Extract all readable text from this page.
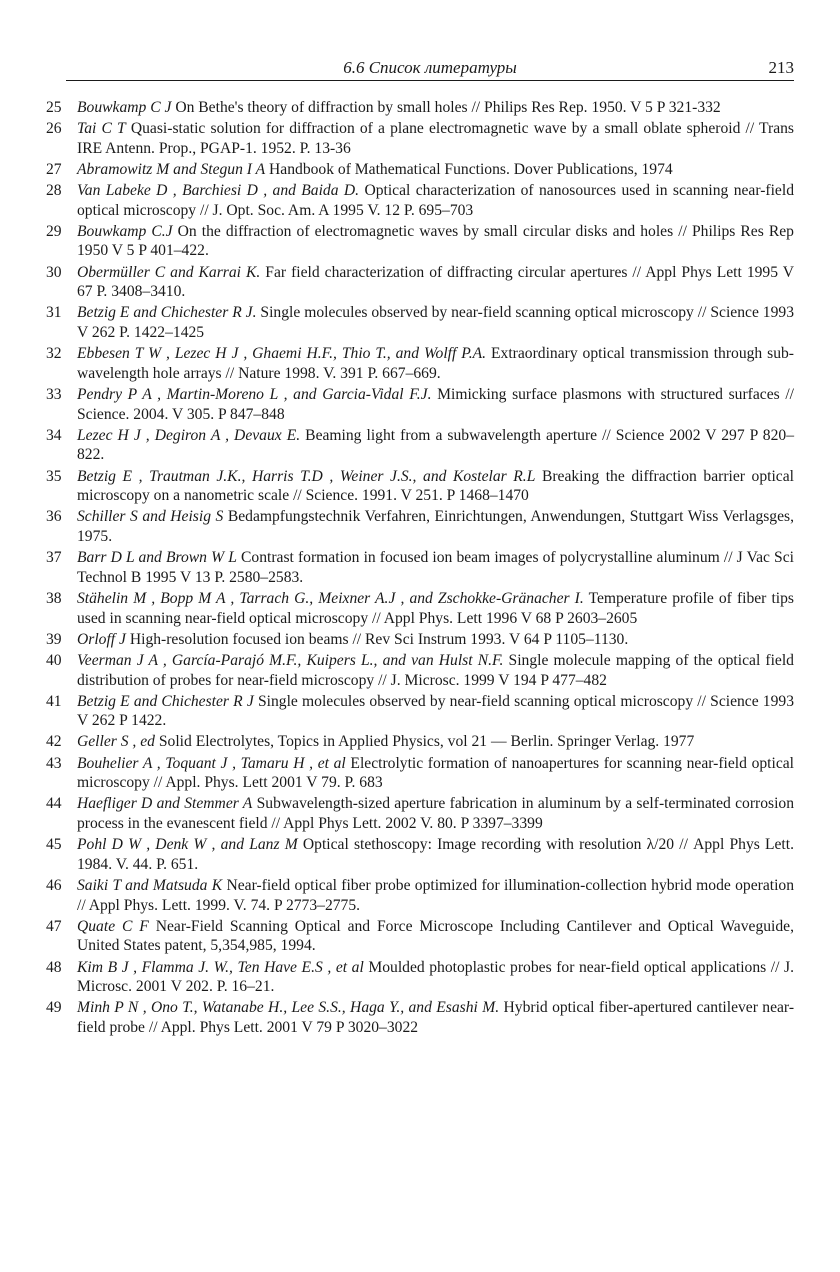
6.6 Список литературы	213
25 Bouwkamp C J On Bethe's theory of diffraction by small holes // Philips Res Rep. 1950. V 5 P 321-332
26 Tai C T Quasi-static solution for diffraction of a plane electromagnetic wave by a small oblate spheroid // Trans IRE Antenn. Prop., PGAP-1. 1952. P. 13-36
27 Abramowitz M and Stegun I A Handbook of Mathematical Functions. Dover Publications, 1974
28 Van Labeke D , Barchiesi D , and Baida D. Optical characterization of nanosources used in scanning near-field optical microscopy // J. Opt. Soc. Am. A 1995 V. 12 P. 695–703
29 Bouwkamp C.J On the diffraction of electromagnetic waves by small circular disks and holes // Philips Res Rep 1950 V 5 P 401–422.
30 Obermüller C and Karrai K. Far field characterization of diffracting circular apertures // Appl Phys Lett 1995 V 67 P. 3408–3410.
31 Betzig E and Chichester R J. Single molecules observed by near-field scanning optical microscopy // Science 1993 V 262 P. 1422–1425
32 Ebbesen T W , Lezec H J , Ghaemi H.F., Thio T., and Wolff P.A. Extraordinary optical transmission through sub-wavelength hole arrays // Nature 1998. V. 391 P. 667–669.
33 Pendry P A , Martin-Moreno L , and Garcia-Vidal F.J. Mimicking surface plasmons with structured surfaces // Science. 2004. V 305. P 847–848
34 Lezec H J , Degiron A , Devaux E. Beaming light from a subwavelength aperture // Science 2002 V 297 P 820–822.
35 Betzig E , Trautman J.K., Harris T.D , Weiner J.S., and Kostelar R.L Breaking the diffraction barrier optical microscopy on a nanometric scale // Science. 1991. V 251. P 1468–1470
36 Schiller S and Heisig S Bedampfungstechnik Verfahren, Einrichtungen, Anwendungen, Stuttgart Wiss Verlagsges, 1975.
37 Barr D L and Brown W L Contrast formation in focused ion beam images of polycrystalline aluminum // J Vac Sci Technol B 1995 V 13 P. 2580–2583.
38 Stähelin M , Bopp M A , Tarrach G., Meixner A.J , and Zschokke-Gränacher I. Temperature profile of fiber tips used in scanning near-field optical microscopy // Appl Phys. Lett 1996 V 68 P 2603–2605
39 Orloff J High-resolution focused ion beams // Rev Sci Instrum 1993. V 64 P 1105–1130.
40 Veerman J A , García-Parajó M.F., Kuipers L., and van Hulst N.F. Single molecule mapping of the optical field distribution of probes for near-field microscopy // J. Microsc. 1999 V 194 P 477–482
41 Betzig E and Chichester R J Single molecules observed by near-field scanning optical microscopy // Science 1993 V 262 P 1422.
42 Geller S , ed Solid Electrolytes, Topics in Applied Physics, vol 21 — Berlin. Springer Verlag. 1977
43 Bouhelier A , Toquant J , Tamaru H , et al Electrolytic formation of nanoapertures for scanning near-field optical microscopy // Appl. Phys. Lett 2001 V 79. P. 683
44 Haefliger D and Stemmer A Subwavelength-sized aperture fabrication in aluminum by a self-terminated corrosion process in the evanescent field // Appl Phys Lett. 2002 V. 80. P 3397–3399
45 Pohl D W , Denk W , and Lanz M Optical stethoscopy: Image recording with resolution λ/20 // Appl Phys Lett. 1984. V. 44. P. 651.
46 Saiki T and Matsuda K Near-field optical fiber probe optimized for illumination-collection hybrid mode operation // Appl Phys. Lett. 1999. V. 74. P 2773–2775.
47 Quate C F Near-Field Scanning Optical and Force Microscope Including Cantilever and Optical Waveguide, United States patent, 5,354,985, 1994.
48 Kim B J , Flamma J. W., Ten Have E.S , et al Moulded photoplastic probes for near-field optical applications // J. Microsc. 2001 V 202. P. 16–21.
49 Minh P N , Ono T., Watanabe H., Lee S.S., Haga Y., and Esashi M. Hybrid optical fiber-apertured cantilever near-field probe // Appl. Phys Lett. 2001 V 79 P 3020–3022
